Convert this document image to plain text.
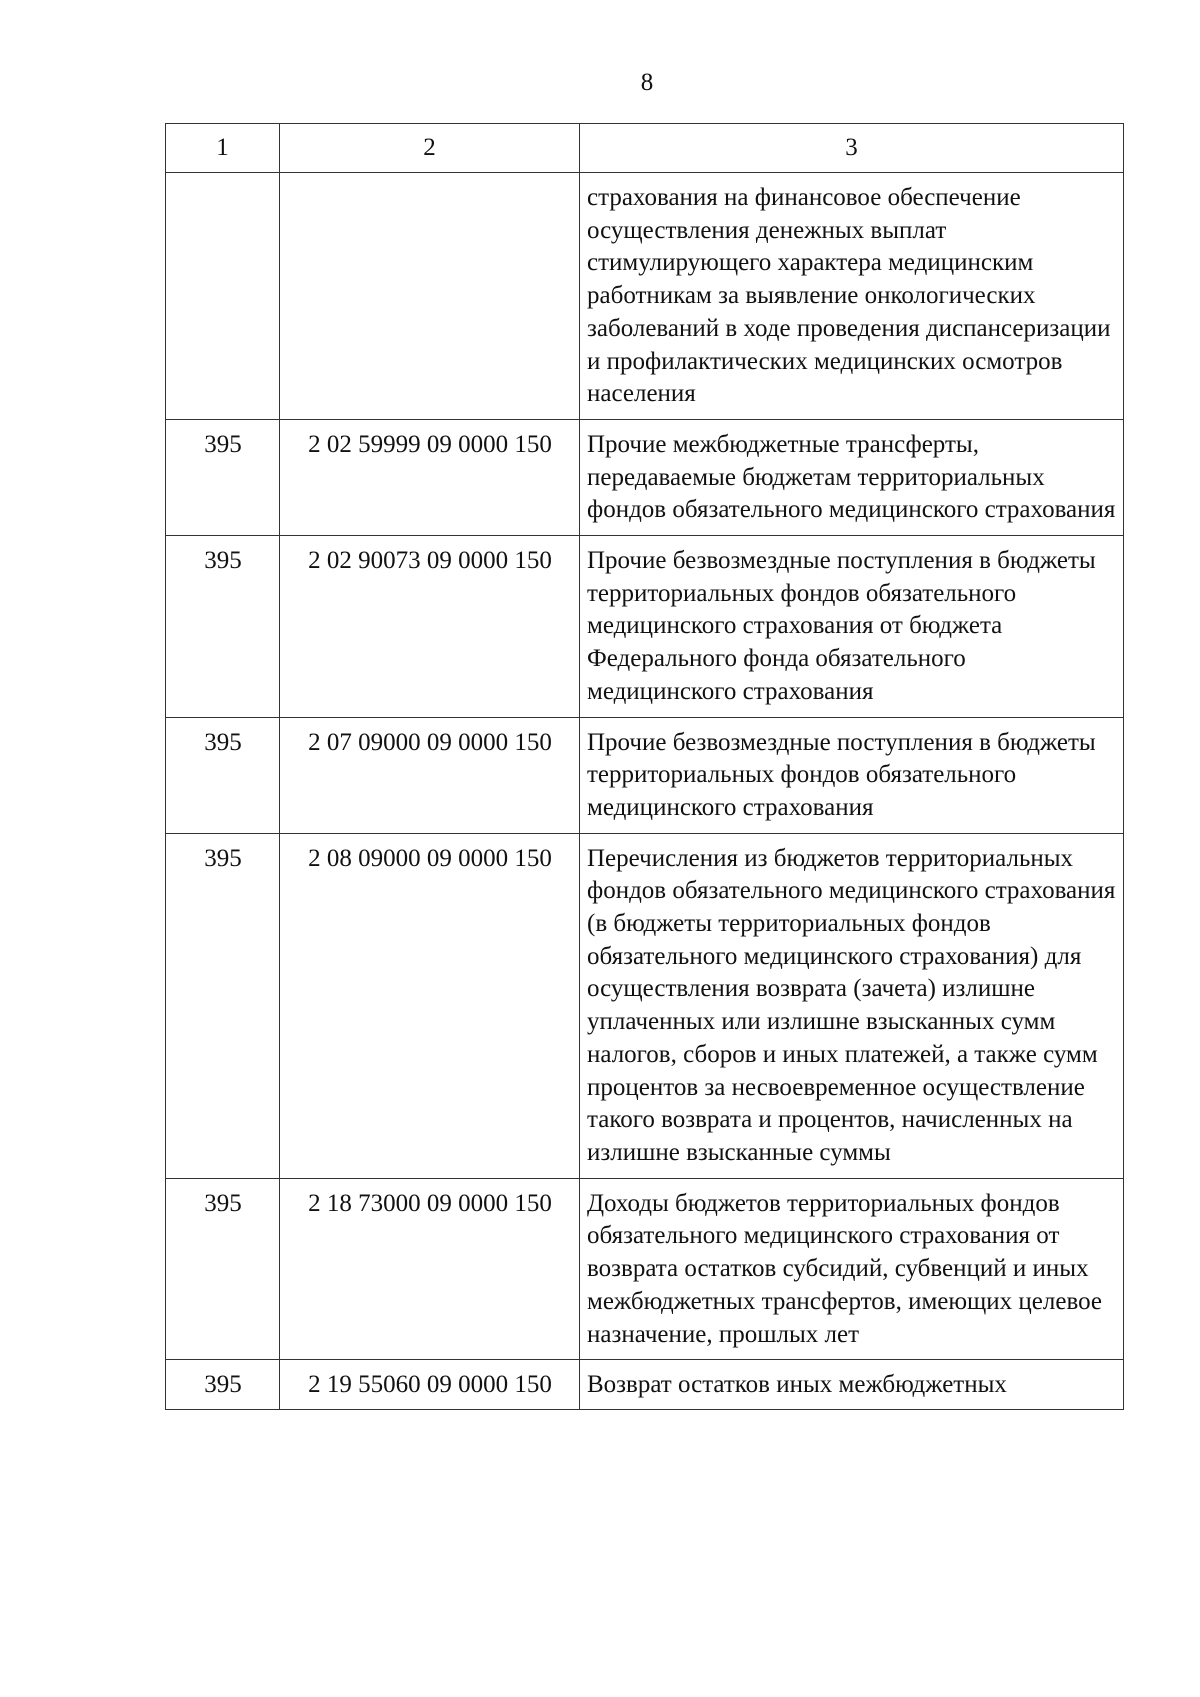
8
1	2	3
		страхования на финансовое обеспечение осуществления денежных выплат стимулирующего характера медицинским работникам за выявление онкологических заболеваний в ходе проведения диспансеризации и профилактических медицинских осмотров населения
395	2 02 59999 09 0000 150	Прочие межбюджетные трансферты, передаваемые бюджетам территориальных фондов обязательного медицинского страхования
395	2 02 90073 09 0000 150	Прочие безвозмездные поступления в бюджеты территориальных фондов обязательного медицинского страхования от бюджета Федерального фонда обязательного медицинского страхования
395	2 07 09000 09 0000 150	Прочие безвозмездные поступления в бюджеты территориальных фондов обязательного медицинского страхования
395	2 08 09000 09 0000 150	Перечисления из бюджетов территориальных фондов обязательного медицинского страхования (в бюджеты территориальных фондов обязательного медицинского страхования) для осуществления возврата (зачета) излишне уплаченных или излишне взысканных сумм налогов, сборов и иных платежей, а также сумм процентов за несвоевременное осуществление такого возврата и процентов, начисленных на излишне взысканные суммы
395	2 18 73000 09 0000 150	Доходы бюджетов территориальных фондов обязательного медицинского страхования от возврата остатков субсидий, субвенций и иных межбюджетных трансфертов, имеющих целевое назначение, прошлых лет
395	2 19 55060 09 0000 150	Возврат остатков иных межбюджетных
